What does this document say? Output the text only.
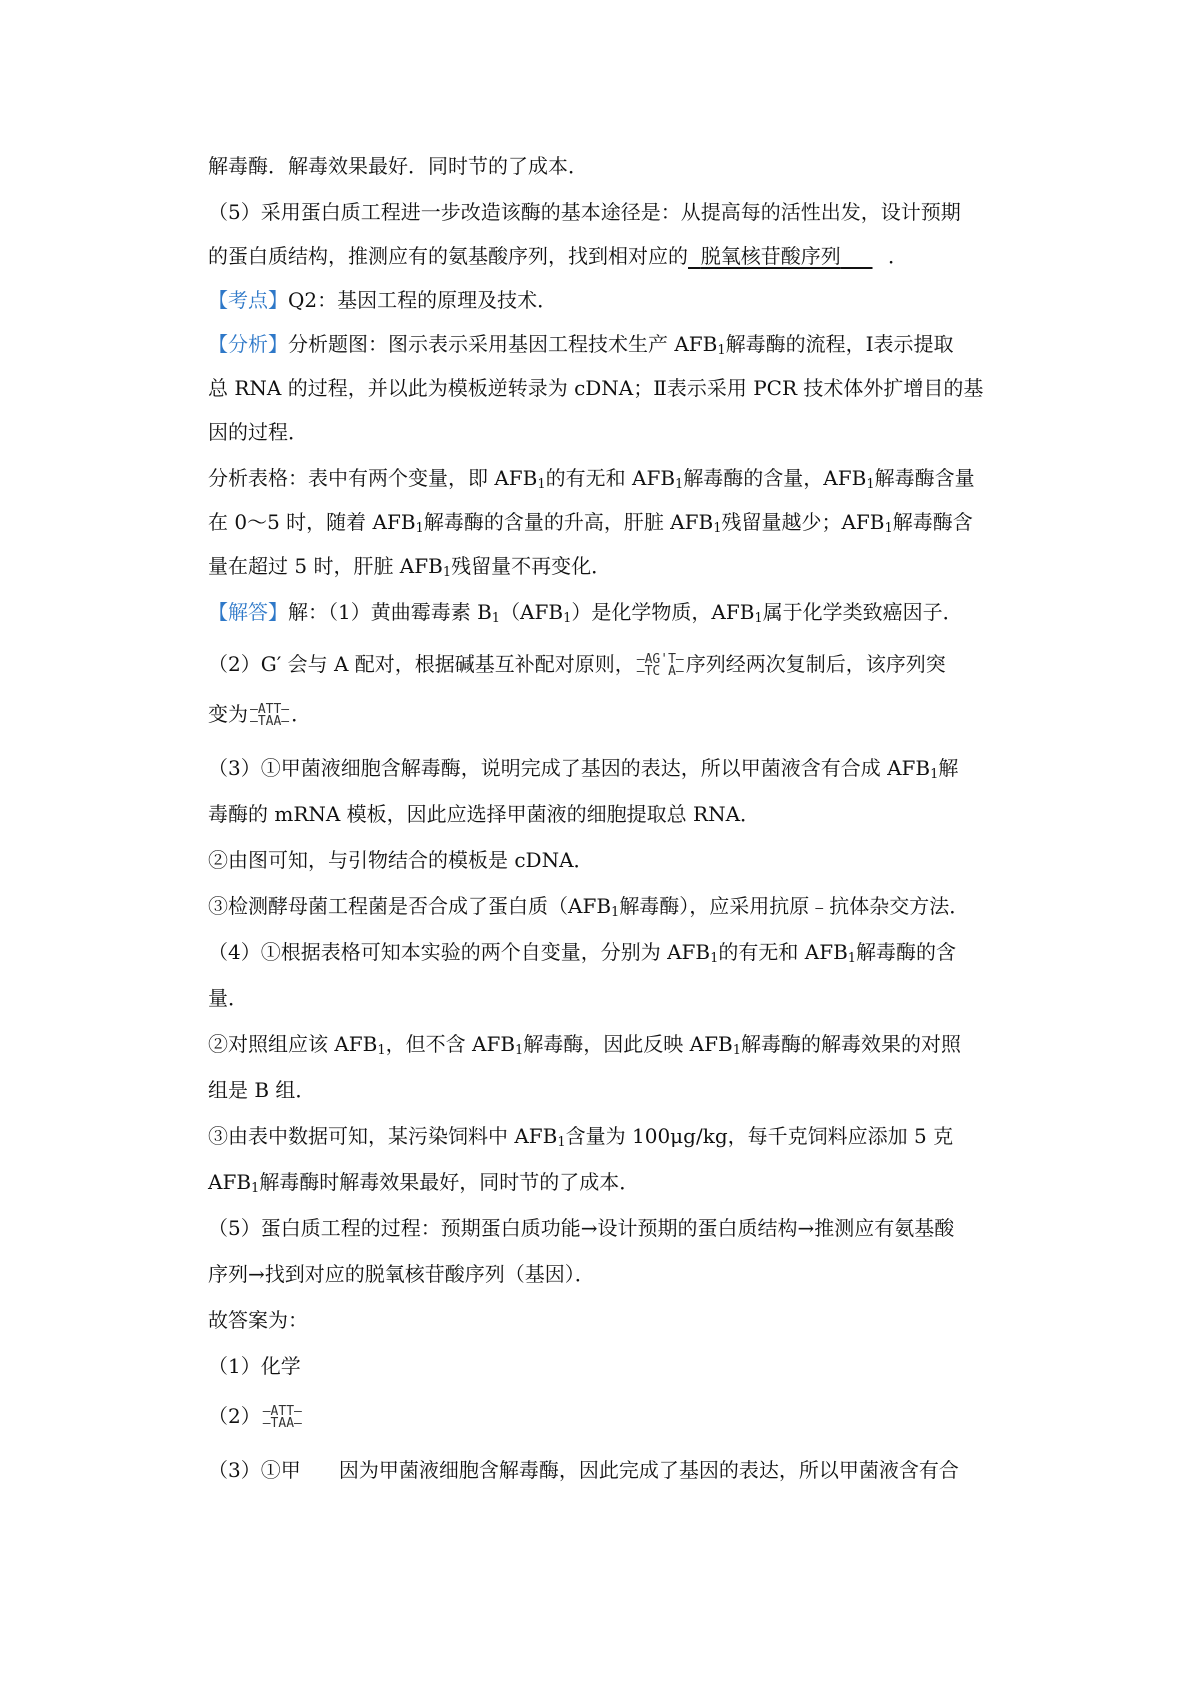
解毒酶．解毒效果最好．同时节的了成本．
（5）采用蛋白质工程进一步改造该酶的基本途径是：从提高每的活性出发，设计预期
的蛋白质结构，推测应有的氨基酸序列，找到相对应的 脱氧核苷酸序列 ．
【考点】Q2：基因工程的原理及技术．
【分析】分析题图：图示表示采用基因工程技术生产 $AFB_1$解毒酶的流程，Ⅰ表示提取
总 RNA 的过程，并以此为模板逆转录为 cDNA；Ⅱ表示采用 PCR 技术体外扩增目的基
因的过程．
分析表格：表中有两个变量，即 $AFB_1$的有无和 $AFB_1$解毒酶的含量，$AFB_1$解毒酶含量
在 0～5 时，随着 $AFB_1$解毒酶的含量的升高，肝脏 $AFB_1$残留量越少；$AFB_1$解毒酶含
量在超过 5 时，肝脏 $AFB_1$残留量不再变化．
【解答】解：（1）黄曲霉毒素 $B_1(AFB_1)$是化学物质，$AFB_1$属于化学类致癌因子．
（2）G′ 会与 A 配对，根据碱基互补配对原则， —AG'T—
—TC A— 序列经两次复制后，该序列突
变为 —ATT—
—TAA— ．
（3）①甲菌液细胞含解毒酶，说明完成了基因的表达，所以甲菌液含有合成 $AFB_1$解
毒酶的 mRNA 模板，因此应选择甲菌液的细胞提取总 RNA．
②由图可知，与引物结合的模板是 cDNA．
③检测酵母菌工程菌是否合成了蛋白质（$AFB_1$解毒酶），应采用抗原﹣抗体杂交方法．
（4）①根据表格可知本实验的两个自变量，分别为 $AFB_1$的有无和 $AFB_1$解毒酶的含
量．
②对照组应该 $AFB_1$，但不含 $AFB_1$解毒酶，因此反映 $AFB_1$解毒酶的解毒效果的对照
组是 B 组．
③由表中数据可知，某污染饲料中 $AFB_1$含量为 100μg/kg，每千克饲料应添加 5 克
$AFB_1$解毒酶时解毒效果最好，同时节的了成本．
（5）蛋白质工程的过程：预期蛋白质功能→设计预期的蛋白质结构→推测应有氨基酸
序列→找到对应的脱氧核苷酸序列（基因）．
故答案为：
（1）化学
（2） —ATT—
—TAA—
（3）①甲 因为甲菌液细胞含解毒酶，因此完成了基因的表达，所以甲菌液含有合
